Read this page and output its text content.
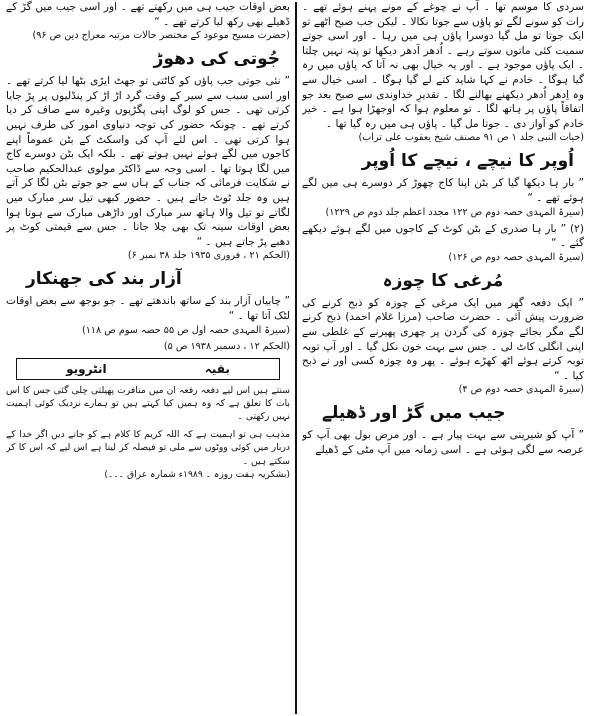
سردی کا موسم تھا ۔ آپ نے چوغے کے مونے پہنے ہوئے تھے ۔ رات کو سونے لگے تو پاؤں سے جوتا نکالا ۔ لیکن جب صبح اٹھے تو ایک جوتا تو مل گیا دوسرا پاؤں ہی میں رہا ۔ اور اسی جوتے سمیت کئی ماتوں سوتے رہے ۔ اُدھر آدھر دیکھا تو پتہ نہیں چلتا ۔ ایک پاؤں موجود ہے ۔ اور یہ خیال بھی نہ آتا کہ پاؤں میں رہ گیا ہوگا ۔ خادم نے کہا شاید کتے لے گیا ہوگا ۔ اسی خیال سے وہ اِدھر اُدھر دیکھنے بھالنے لگا ۔ تقدیرِ خداوندی سے صبح بعد جو اتفاقاً پاؤں پر ہاتھ لگا ۔ تو معلوم ہوا کہ اوجھڑا ہوا ہے ۔ خیر خادم کو آواز دی ۔ جوتا مل گیا ۔ پاؤں ہی میں رہ گیا تھا ۔

(حیات النبی جلد ۱ ص ۹۱ مصنف شیخ یعقوب علی تراب)

اُوپر کا نیچے ، نیچے کا اُوپر

” بار ہا دیکھا گیا کر بٹن اپنا کاج چھوڑ کر دوسرے ہی میں لگے ہوئے تھے ۔ “

(سیرۃ المہدی حصہ دوم ص ۱۲۲ مجدد اعظم جلد دوم ص ۱۲۲۹)

(۲) ” بار ہا صدری کے بٹن کوٹ کے کاجوں میں لگے ہوئے دیکھے گئے ۔ “

(سیرۃ المہدی حصہ دوم ص ۱۲۶)

مُرغی کا چوزہ

” ایک دفعہ گھر میں ایک مرغی کے چوزہ کو ذبح کرنے کی ضرورت پیش آئی ۔ حضرت صاحب (مرزا غلام احمد) ذبح کرنے لگے مگر بجائے چوزہ کی گردن پر چھری پھیرنے کے غلطی سے اپنی انگلی کاٹ لی ۔ جس سے بہت خون نکل گیا ۔ اور آپ توبہ توبہ کرتے ہوئے اٹھ کھڑے ہوئے ۔ پھر وہ چوزہ کسی اور نے ذبح کیا ۔ “

(سیرۃ المہدی حصہ دوم ص ۴)

جیب میں گڑ اور ڈھیلے

” آپ کو شیرینی سے بہت پیار ہے ۔ اور مرض بول بھی آپ کو عرصہ سے لگی ہوئی ہے ۔ اسی زمانہ میں آپ مٹی کے ڈھیلے

بعض اوقات جیب ہی میں رکھتے تھے ۔ اور اسی جیب میں گڑ کے ڈھیلے بھی رکھ لیا کرتے تھے ۔ “

(حضرت مسیح موعود کے مختصر حالات مرتبہ معراج دین ص ۹۶)

جُوتی کی دھوڑ

” نئی جوتی جب پاؤں کو کاٹتی تو جھٹ ایڑی بٹھا لیا کرتے تھے ۔ اور اسی سبب سے سیر کے وقت گرد اڑ اڑ کر پنڈلیوں پر پڑ جایا کرتی تھی ۔ جس کو لوگ اپنی پگڑیوں وغیرہ سے صاف کر دیا کرتے تھے ۔ چونکہ حضور کی توجہ دنیاوی امور کی طرف نہیں ہوا کرتی تھی ۔ اس لئے آپ کی واسکٹ کے بٹن عموماً اپنے کاجوں میں لگے ہوئے نہیں ہوتے تھے ۔ بلکہ ایک بٹن دوسرے کاج میں لگا ہوتا تھا ۔ اسی وجہ سے ڈاکٹر مولوی عبدالحکیم صاحب نے شکایت فرمائی کہ جناب کے ہاں سے جو جوتے بٹن لگا کر آتے ہیں وہ جلد ٹوٹ جاتے ہیں ۔ حضور کبھی تیل سر مبارک میں لگاتے تو تیل والا ہاتھ سر مبارک اور داڑھی مبارک سے ہوتا ہوا بعض اوقات سینہ تک بھی چلا جاتا ۔ جس سے قیمتی کوٹ پر دھبے پڑ جاتے ہیں ۔ “

(الحکم ۲۱ ، فروری ۱۹۳۵ جلد ۳۸ نمبر ۶)

آزار بند کی جھنکار

” چابیاں آزار بند کے ساتھ باندھتے تھے ۔ جو بوجھ سے بعض اوقات لٹک آتا تھا ۔ “

(سیرۃ المہدی حصہ اول ص ۵۵ حصہ سوم ص ۱۱۸)

(الحکم ۱۲ ، دسمبر ۱۹۳۸ ص ۵)

بقیہ
انٹرویو

سنتے ہیں اس لیے دفعہ رفعہ ان میں منافرت پھیلتی چلی گئی جس کا اس بات کا تعلق ہے کہ وہ ہمیں کیا کہتے ہیں تو ہمارے نزدیک کوئی اہمیت نہیں رکھتی ۔

مذہب ہی تو اہمیت ہے کہ اللہ کریم کا کلام ہے کو جانے دیں اگر خدا کے دربار میں کوئی ووٹوں سے ملی تو فیصلہ کر لینا ہے اس لیے کہ اس کا کر سکتے ہیں ۔

(بشکریہ ہفت روزہ ۔ ۱۹۸۹ء شمارہ عراق ۔۔۔)
